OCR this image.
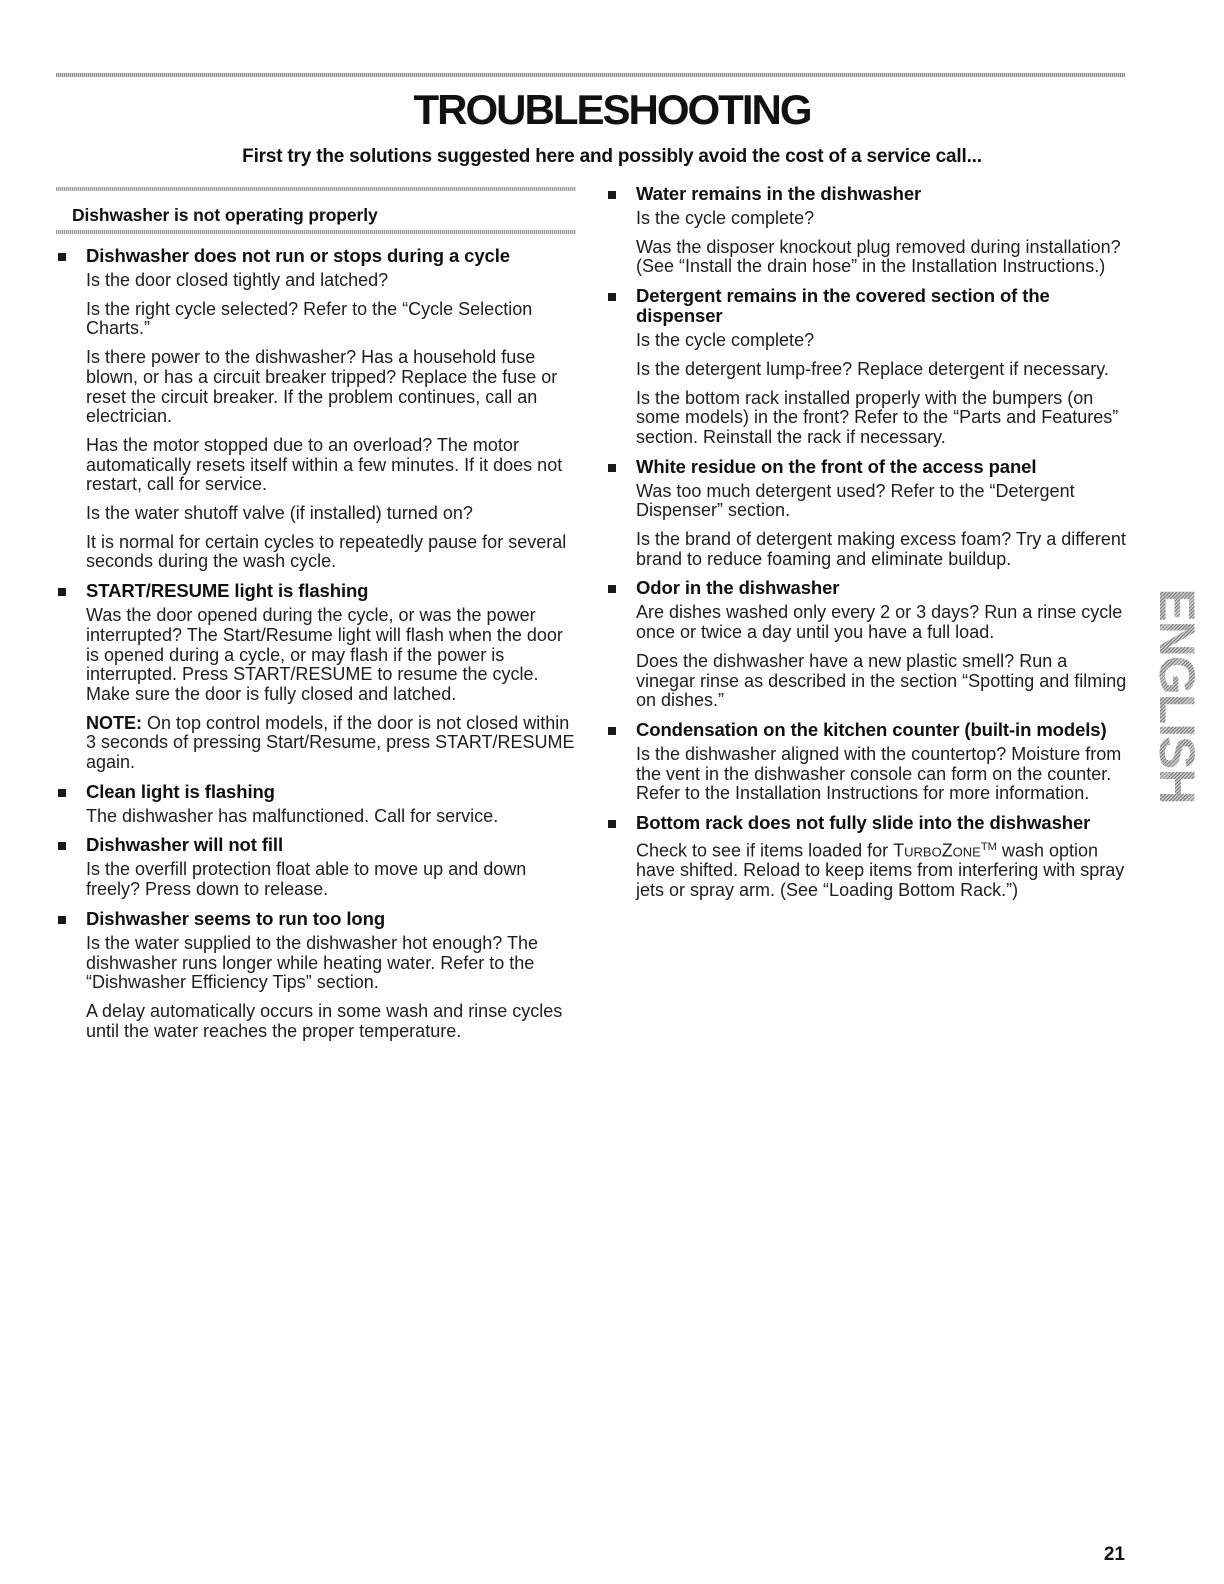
TROUBLESHOOTING
First try the solutions suggested here and possibly avoid the cost of a service call...
Dishwasher is not operating properly
Dishwasher does not run or stops during a cycle
Is the door closed tightly and latched?
Is the right cycle selected? Refer to the “Cycle Selection Charts.”
Is there power to the dishwasher? Has a household fuse blown, or has a circuit breaker tripped? Replace the fuse or reset the circuit breaker. If the problem continues, call an electrician.
Has the motor stopped due to an overload? The motor automatically resets itself within a few minutes. If it does not restart, call for service.
Is the water shutoff valve (if installed) turned on?
It is normal for certain cycles to repeatedly pause for several seconds during the wash cycle.
START/RESUME light is flashing
Was the door opened during the cycle, or was the power interrupted? The Start/Resume light will flash when the door is opened during a cycle, or may flash if the power is interrupted. Press START/RESUME to resume the cycle. Make sure the door is fully closed and latched.
NOTE: On top control models, if the door is not closed within 3 seconds of pressing Start/Resume, press START/RESUME again.
Clean light is flashing
The dishwasher has malfunctioned. Call for service.
Dishwasher will not fill
Is the overfill protection float able to move up and down freely? Press down to release.
Dishwasher seems to run too long
Is the water supplied to the dishwasher hot enough? The dishwasher runs longer while heating water. Refer to the “Dishwasher Efficiency Tips” section.
A delay automatically occurs in some wash and rinse cycles until the water reaches the proper temperature.
Water remains in the dishwasher
Is the cycle complete?
Was the disposer knockout plug removed during installation? (See “Install the drain hose” in the Installation Instructions.)
Detergent remains in the covered section of the dispenser
Is the cycle complete?
Is the detergent lump-free? Replace detergent if necessary.
Is the bottom rack installed properly with the bumpers (on some models) in the front? Refer to the “Parts and Features” section. Reinstall the rack if necessary.
White residue on the front of the access panel
Was too much detergent used? Refer to the “Detergent Dispenser” section.
Is the brand of detergent making excess foam? Try a different brand to reduce foaming and eliminate buildup.
Odor in the dishwasher
Are dishes washed only every 2 or 3 days? Run a rinse cycle once or twice a day until you have a full load.
Does the dishwasher have a new plastic smell? Run a vinegar rinse as described in the section “Spotting and filming on dishes.”
Condensation on the kitchen counter (built-in models)
Is the dishwasher aligned with the countertop? Moisture from the vent in the dishwasher console can form on the counter. Refer to the Installation Instructions for more information.
Bottom rack does not fully slide into the dishwasher
Check to see if items loaded for TurboZone™ wash option have shifted. Reload to keep items from interfering with spray jets or spray arm. (See “Loading Bottom Rack.”)
ENGLISH
21
